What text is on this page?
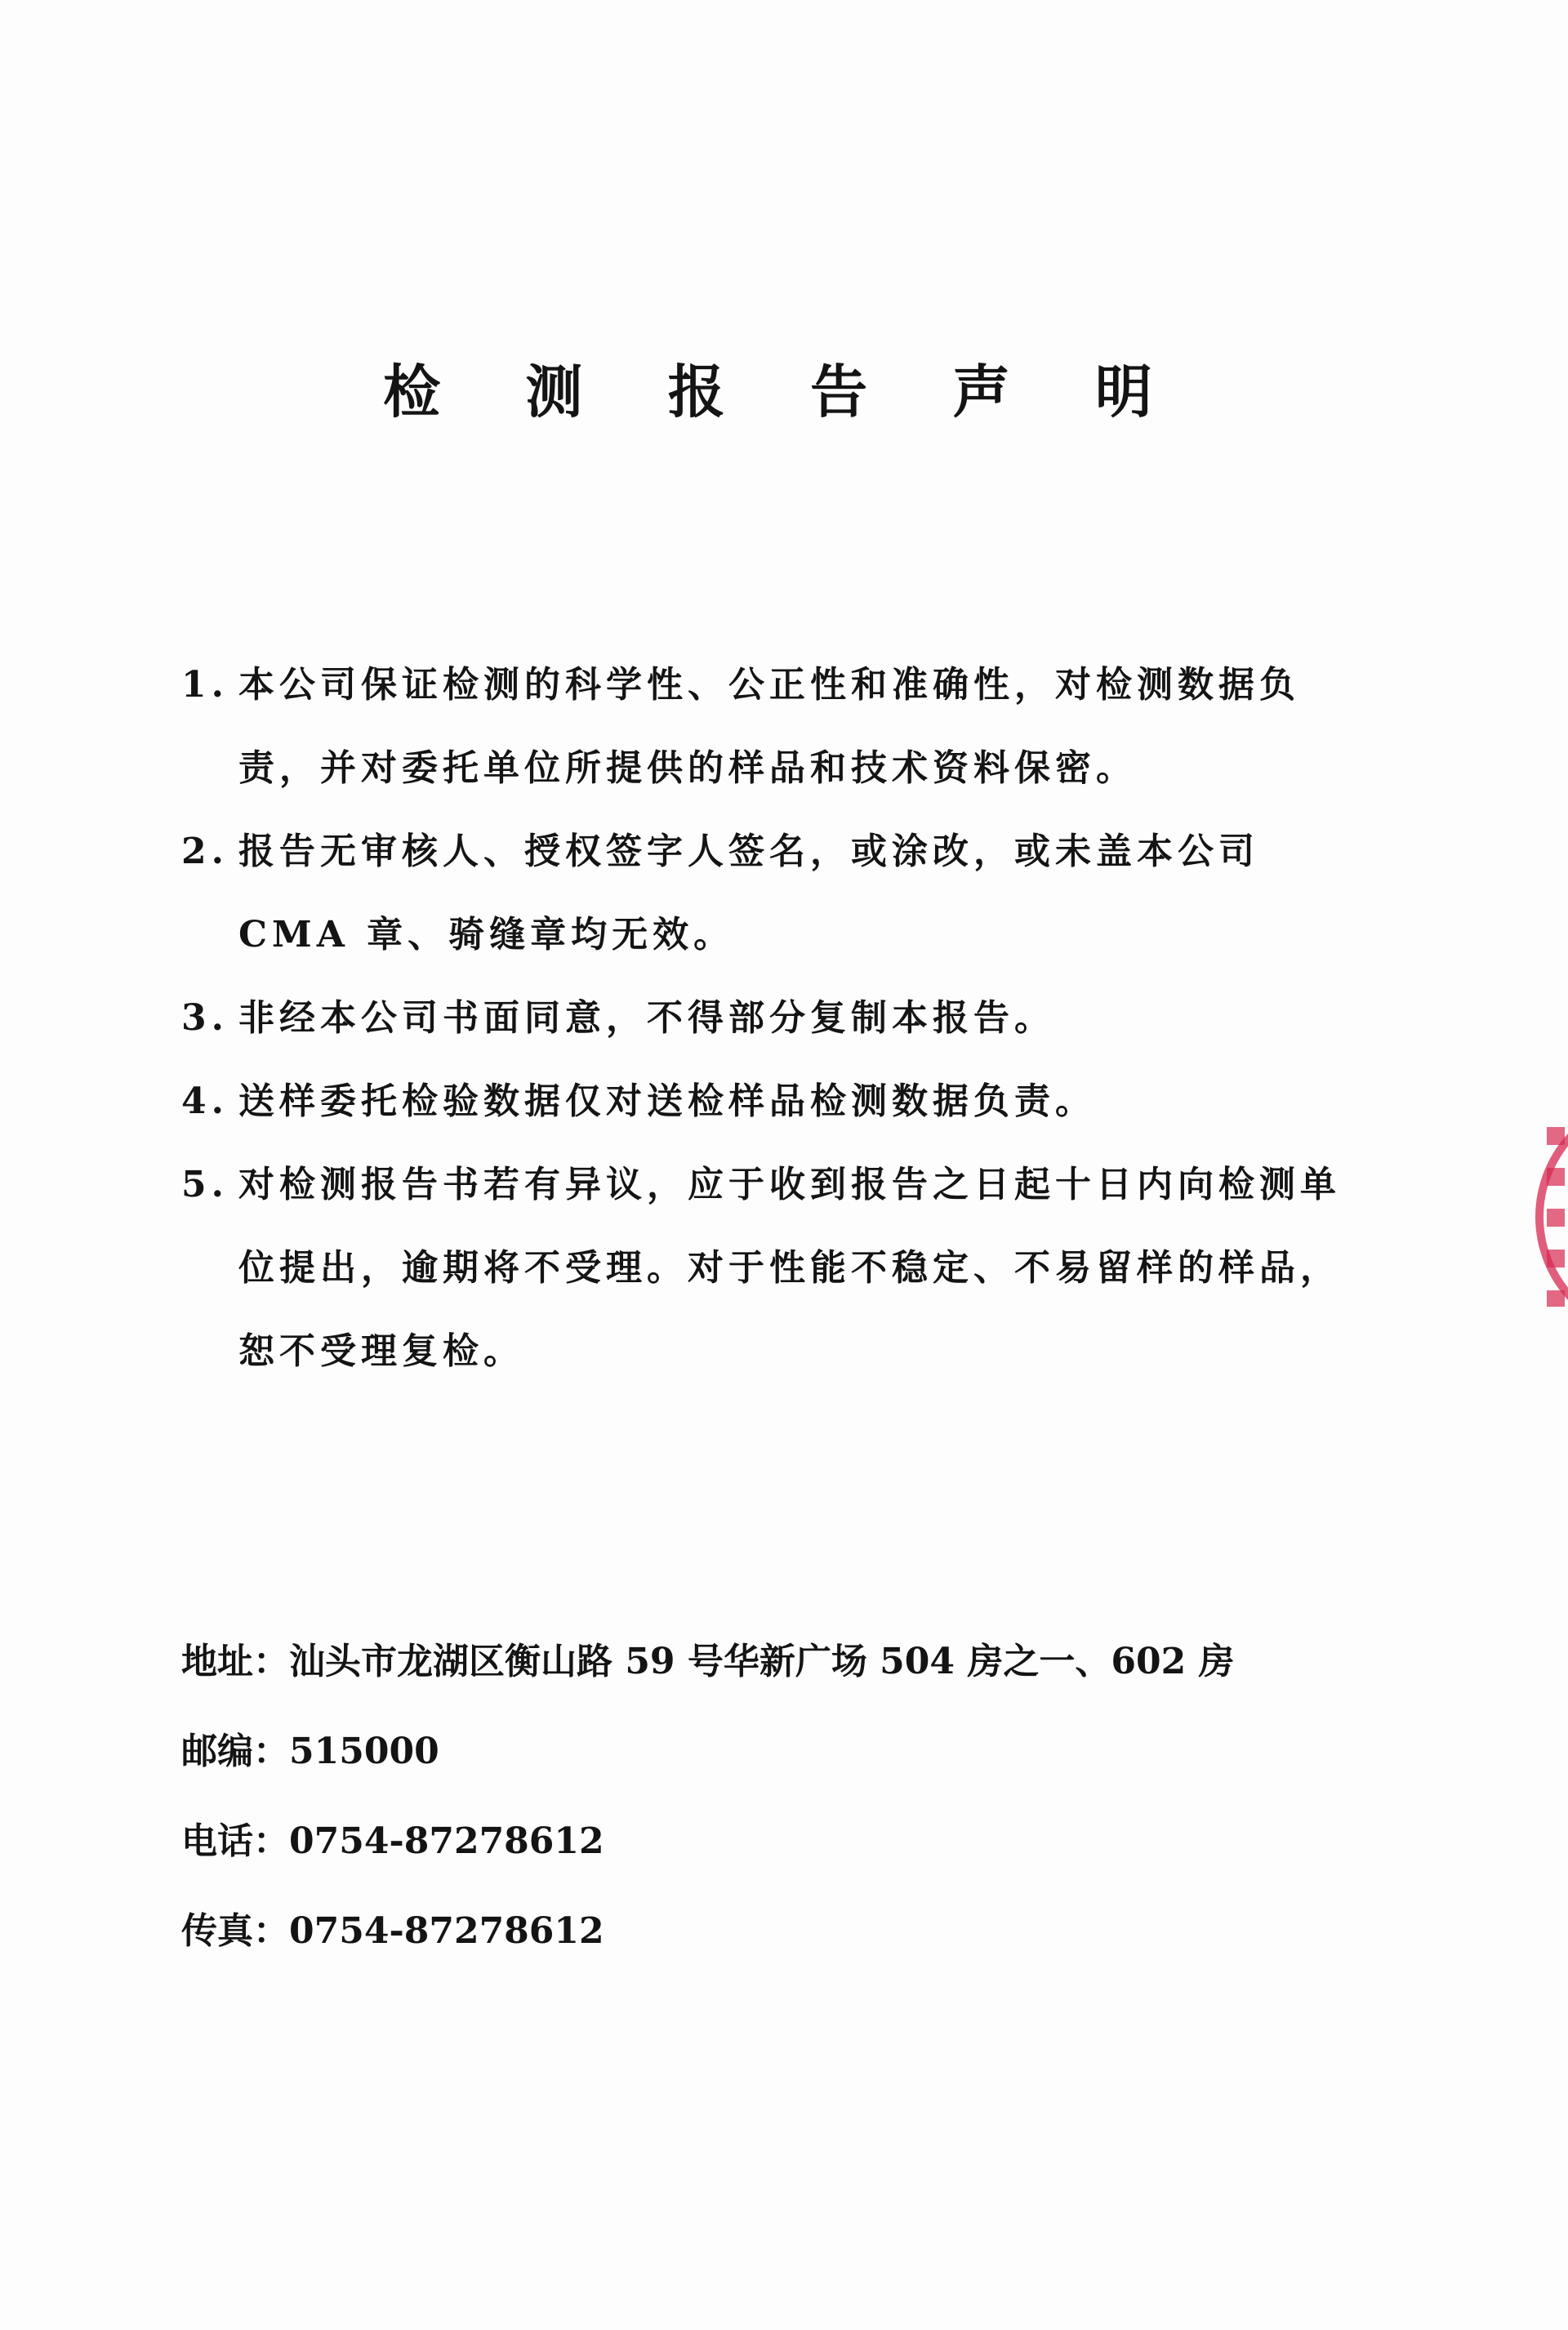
检 测 报 告 声 明
1. 本公司保证检测的科学性、公正性和准确性，对检测数据负责，并对委托单位所提供的样品和技术资料保密。
2. 报告无审核人、授权签字人签名，或涂改，或未盖本公司 CMA 章、骑缝章均无效。
3. 非经本公司书面同意，不得部分复制本报告。
4. 送样委托检验数据仅对送检样品检测数据负责。
5. 对检测报告书若有异议，应于收到报告之日起十日内向检测单位提出，逾期将不受理。对于性能不稳定、不易留样的样品，恕不受理复检。
地址：汕头市龙湖区衡山路 59 号华新广场 504 房之一、602 房
邮编：515000
电话：0754-87278612
传真：0754-87278612
